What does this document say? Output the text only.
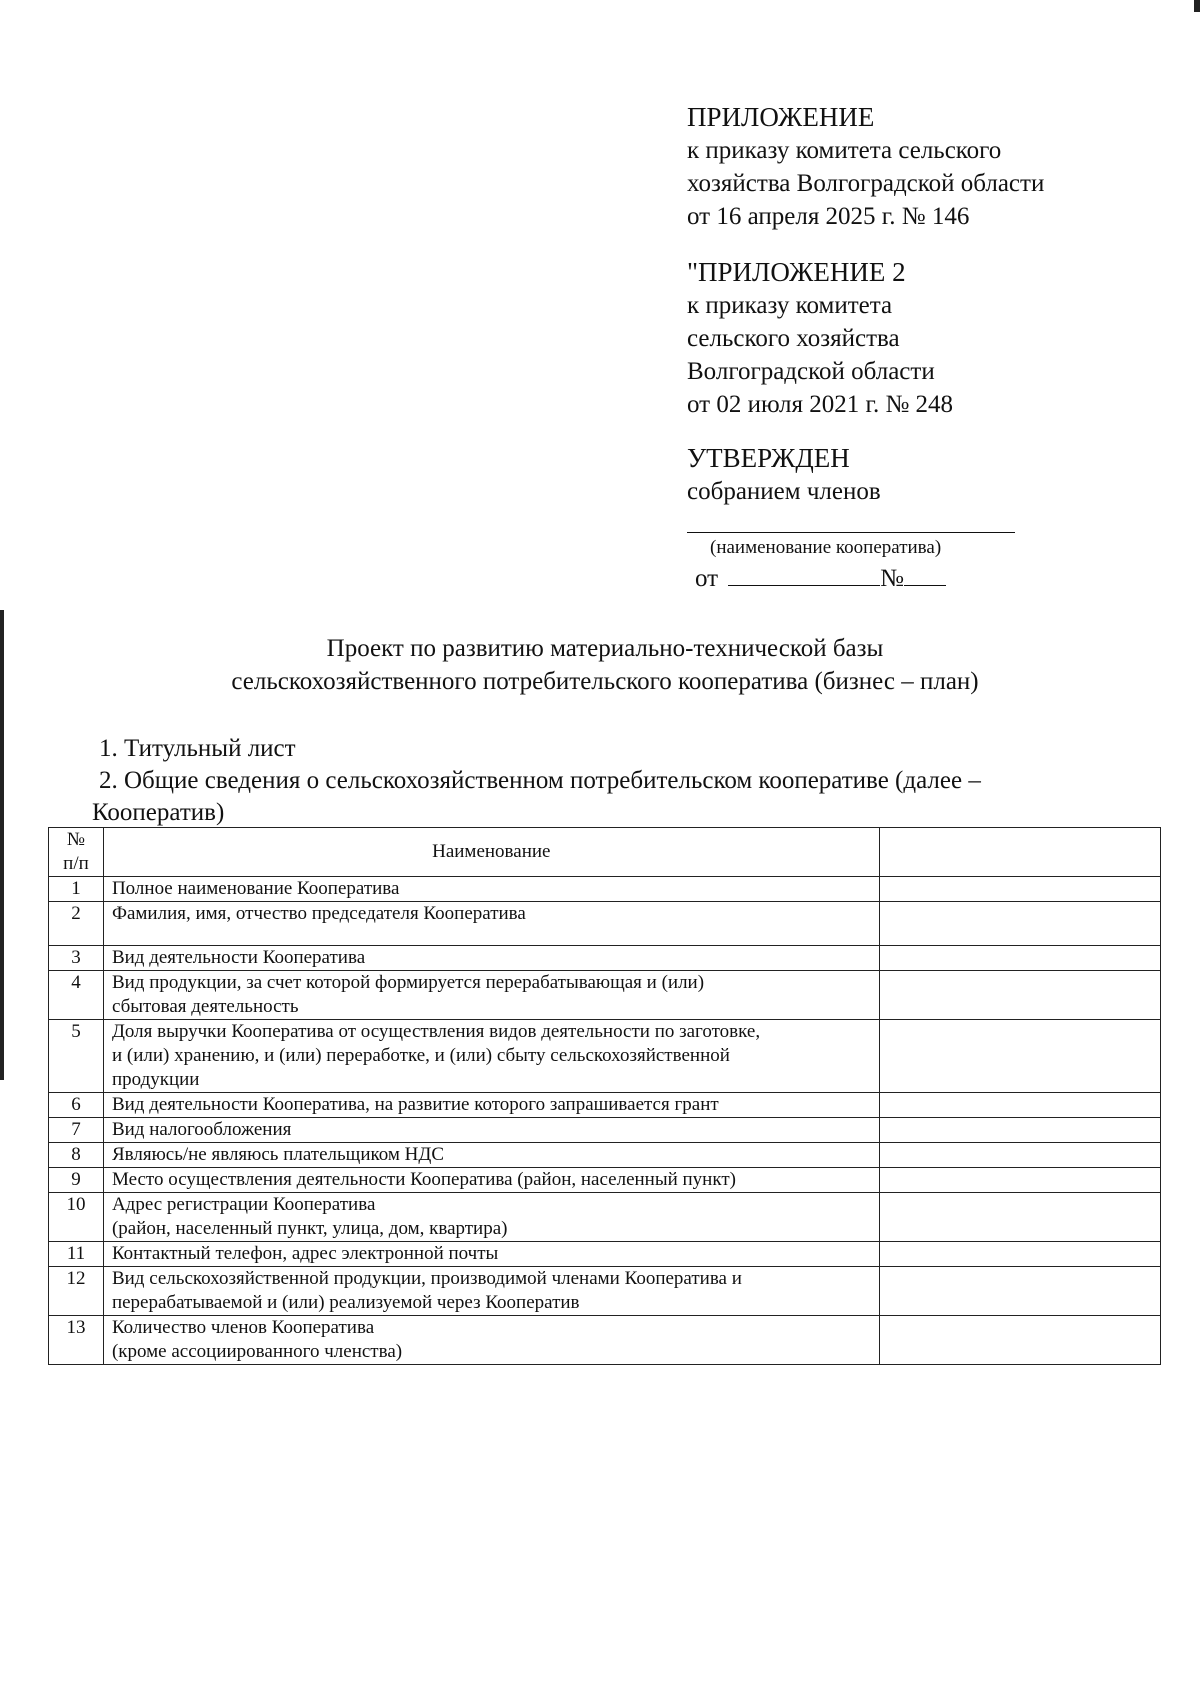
ПРИЛОЖЕНИЕ

к приказу комитета сельского

хозяйства Волгоградской области

от 16 апреля 2025 г. № 146

"ПРИЛОЖЕНИЕ 2

к приказу комитета

сельского хозяйства

Волгоградской области

от 02 июля 2021 г. № 248

УТВЕРЖДЕН

собранием членов

(наименование кооператива)

от	№

Проект по развитию материально-технической базы
сельскохозяйственного потребительского кооператива (бизнес – план)
1. Титульный лист
2. Общие сведения о сельскохозяйственном потребительском кооперативе (далее –
Кооператив)
№
п/п	Наименование	
1	Полное наименование Кооператива	

2	Фамилия, имя, отчество председателя Кооператива	

3	Вид деятельности Кооператива	

4	Вид продукции, за счет которой формируется перерабатывающая и (или)
сбытовая деятельность	

5	Доля выручки Кооператива от осуществления видов деятельности по заготовке,
и (или) хранению, и (или) переработке, и (или) сбыту сельскохозяйственной
продукции	

6	Вид деятельности Кооператива, на развитие которого запрашивается грант	

7	Вид налогообложения	

8	Являюсь/не являюсь плательщиком НДС	

9	Место осуществления деятельности Кооператива (район, населенный пункт)	

10	Адрес регистрации Кооператива
(район, населенный пункт, улица, дом, квартира)	

11	Контактный телефон, адрес электронной почты	

12	Вид сельскохозяйственной продукции, производимой членами Кооператива и
перерабатываемой и (или) реализуемой через Кооператив	

13	Количество членов Кооператива
(кроме ассоциированного членства)	
